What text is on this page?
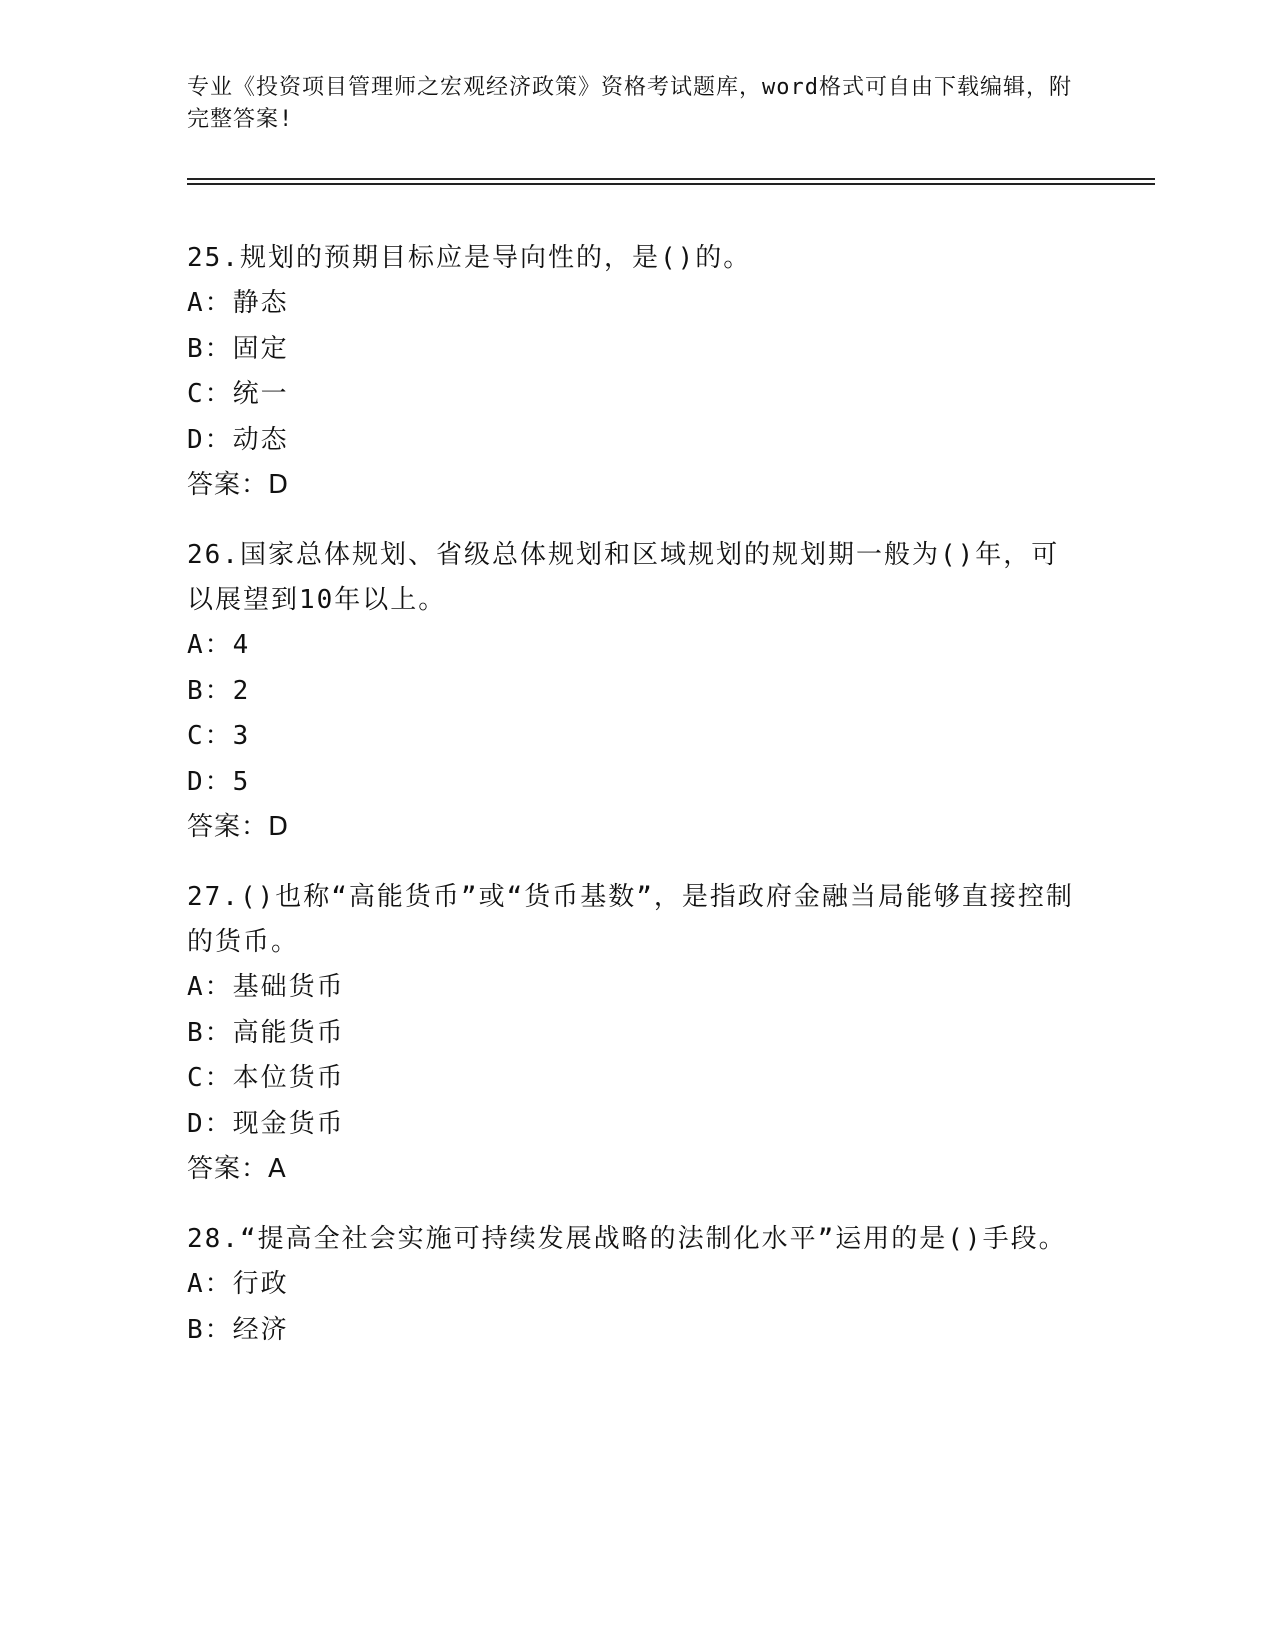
专业《投资项目管理师之宏观经济政策》资格考试题库，word格式可自由下载编辑，附完整答案!
25.规划的预期目标应是导向性的，是()的。
A：静态
B：固定
C：统一
D：动态
答案：D
26.国家总体规划、省级总体规划和区域规划的规划期一般为()年，可以展望到10年以上。
A：4
B：2
C：3
D：5
答案：D
27.()也称“高能货币”或“货币基数”，是指政府金融当局能够直接控制的货币。
A：基础货币
B：高能货币
C：本位货币
D：现金货币
答案：A
28.“提高全社会实施可持续发展战略的法制化水平”运用的是()手段。
A：行政
B：经济
